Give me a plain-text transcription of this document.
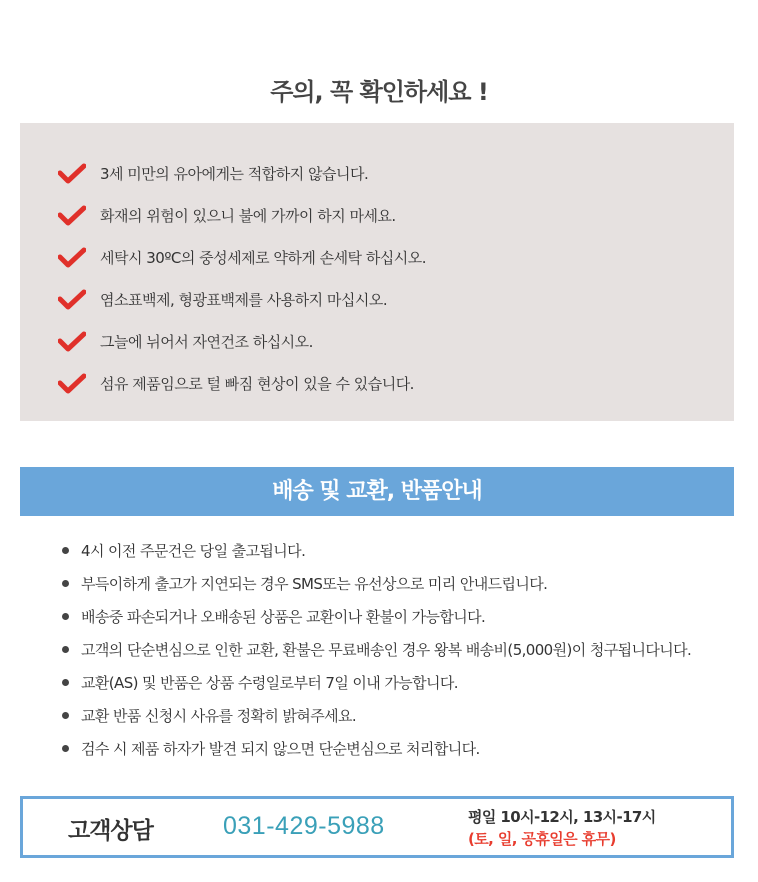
주의, 꼭 확인하세요 !
3세 미만의 유아에게는 적합하지 않습니다.
화재의 위험이 있으니 불에 가까이 하지 마세요.
세탁시 30ºC의 중성세제로 약하게 손세탁 하십시오.
염소표백제, 형광표백제를 사용하지 마십시오.
그늘에 뉘어서 자연건조 하십시오.
섬유 제품임으로 털 빠짐 현상이 있을 수 있습니다.
배송 및 교환, 반품안내
4시 이전 주문건은 당일 출고됩니다.
부득이하게 출고가 지연되는 경우 SMS또는 유선상으로 미리 안내드립니다.
배송중 파손되거나 오배송된 상품은 교환이나 환불이 가능합니다.
고객의 단순변심으로 인한 교환, 환불은 무료배송인 경우 왕복 배송비(5,000원)이 청구됩니다니다.
교환(AS) 및 반품은 상품 수령일로부터 7일 이내 가능합니다.
교환 반품 신청시 사유를 정확히 밝혀주세요.
검수 시 제품 하자가 발견 되지 않으면 단순변심으로 처리합니다.
고객상담	031-429-5988	평일 10시-12시, 13시-17시
(토, 일, 공휴일은 휴무)
